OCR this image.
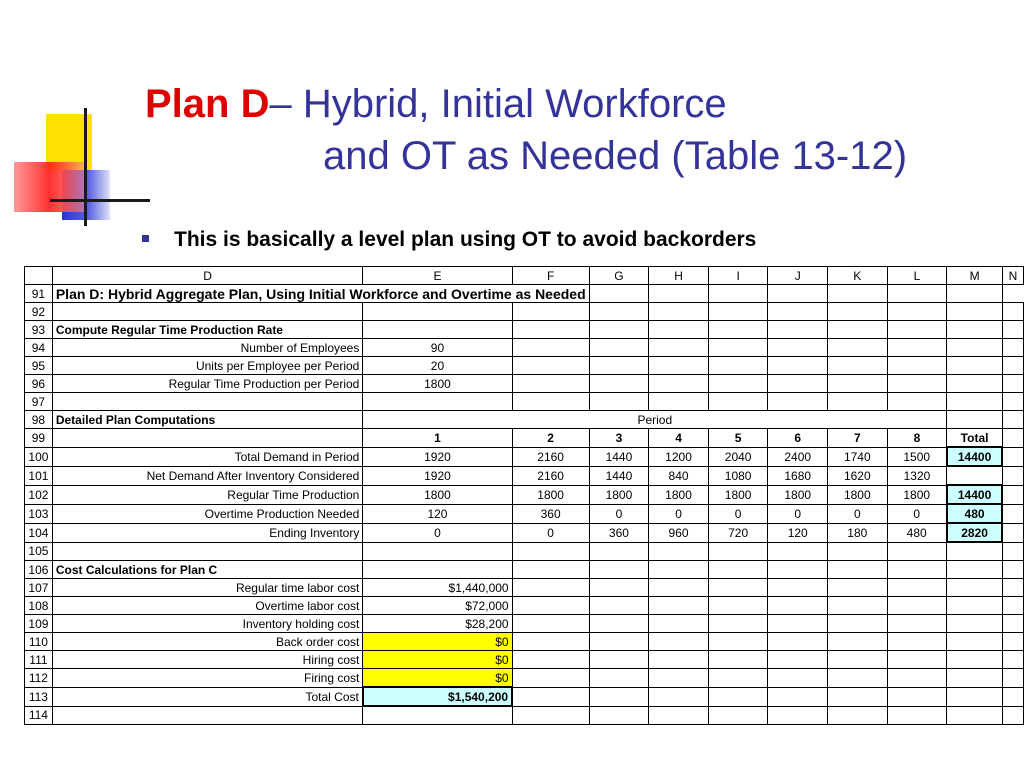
Plan D– Hybrid, Initial Workforce
and OT as Needed (Table 13-12)
This is basically a level plan using OT to avoid backorders
	D	E	F	G	H	I	J	K	L	M	N
91	Plan D: Hybrid Aggregate Plan, Using Initial Workforce and Overtime as Needed										
92											
93	Compute Regular Time Production Rate										
94	Number of Employees	90									
95	Units per Employee per Period	20									
96	Regular Time Production per Period	1800									
97											
98	Detailed Plan Computations	Period									
99		1	2	3	4	5	6	7	8	Total	
100	Total Demand in Period	1920	2160	1440	1200	2040	2400	1740	1500	14400	
101	Net Demand After Inventory Considered	1920	2160	1440	840	1080	1680	1620	1320		
102	Regular Time Production	1800	1800	1800	1800	1800	1800	1800	1800	14400	
103	Overtime Production Needed	120	360	0	0	0	0	0	0	480	
104	Ending Inventory	0	0	360	960	720	120	180	480	2820	
105											
106	Cost Calculations for Plan C										
107	Regular time labor cost	$1,440,000									
108	Overtime labor cost	$72,000									
109	Inventory holding cost	$28,200									
110	Back order cost	$0									
111	Hiring cost	$0									
112	Firing cost	$0									
113	Total Cost	$1,540,200									
114											
